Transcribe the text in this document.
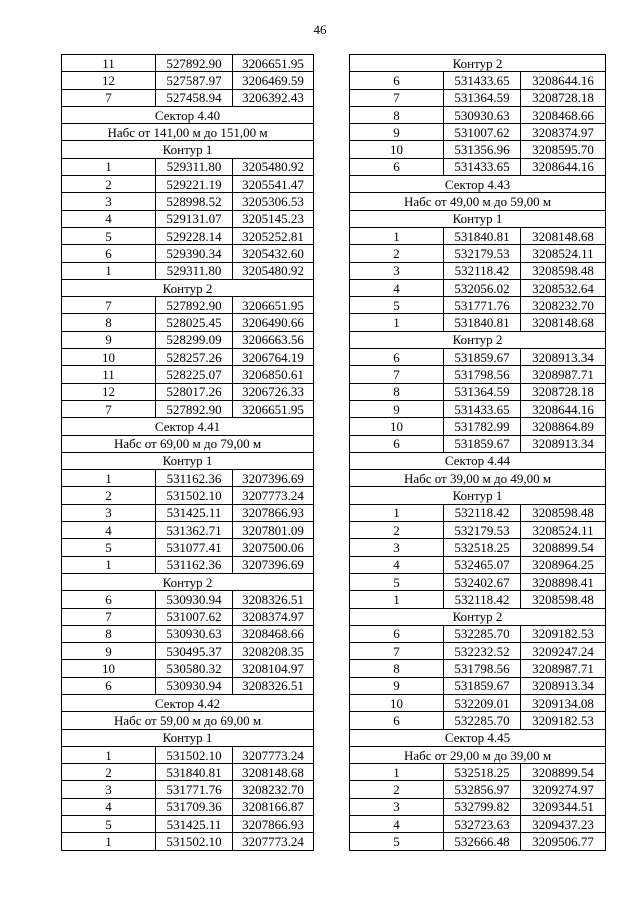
46
11	527892.90	3206651.95
12	527587.97	3206469.59
7	527458.94	3206392.43
Сектор 4.40		
Набс от 141,00 м до 151,00 м		
Контур 1		
1	529311.80	3205480.92
2	529221.19	3205541.47
3	528998.52	3205306.53
4	529131.07	3205145.23
5	529228.14	3205252.81
6	529390.34	3205432.60
1	529311.80	3205480.92
Контур 2		
7	527892.90	3206651.95
8	528025.45	3206490.66
9	528299.09	3206663.56
10	528257.26	3206764.19
11	528225.07	3206850.61
12	528017.26	3206726.33
7	527892.90	3206651.95
Сектор 4.41		
Набс от 69,00 м до 79,00 м		
Контур 1		
1	531162.36	3207396.69
2	531502.10	3207773.24
3	531425.11	3207866.93
4	531362.71	3207801.09
5	531077.41	3207500.06
1	531162.36	3207396.69
Контур 2		
6	530930.94	3208326.51
7	531007.62	3208374.97
8	530930.63	3208468.66
9	530495.37	3208208.35
10	530580.32	3208104.97
6	530930.94	3208326.51
Сектор 4.42		
Набс от 59,00 м до 69,00 м		
Контур 1		
1	531502.10	3207773.24
2	531840.81	3208148.68
3	531771.76	3208232.70
4	531709.36	3208166.87
5	531425.11	3207866.93
1	531502.10	3207773.24
Контур 2		
6	531433.65	3208644.16
7	531364.59	3208728.18
8	530930.63	3208468.66
9	531007.62	3208374.97
10	531356.96	3208595.70
6	531433.65	3208644.16
Сектор 4.43		
Набс от 49,00 м до 59,00 м		
Контур 1		
1	531840.81	3208148.68
2	532179.53	3208524.11
3	532118.42	3208598.48
4	532056.02	3208532.64
5	531771.76	3208232.70
1	531840.81	3208148.68
Контур 2		
6	531859.67	3208913.34
7	531798.56	3208987.71
8	531364.59	3208728.18
9	531433.65	3208644.16
10	531782.99	3208864.89
6	531859.67	3208913.34
Сектор 4.44		
Набс от 39,00 м до 49,00 м		
Контур 1		
1	532118.42	3208598.48
2	532179.53	3208524.11
3	532518.25	3208899.54
4	532465.07	3208964.25
5	532402.67	3208898.41
1	532118.42	3208598.48
Контур 2		
6	532285.70	3209182.53
7	532232.52	3209247.24
8	531798.56	3208987.71
9	531859.67	3208913.34
10	532209.01	3209134.08
6	532285.70	3209182.53
Сектор 4.45		
Набс от 29,00 м до 39,00 м		
1	532518.25	3208899.54
2	532856.97	3209274.97
3	532799.82	3209344.51
4	532723.63	3209437.23
5	532666.48	3209506.77
